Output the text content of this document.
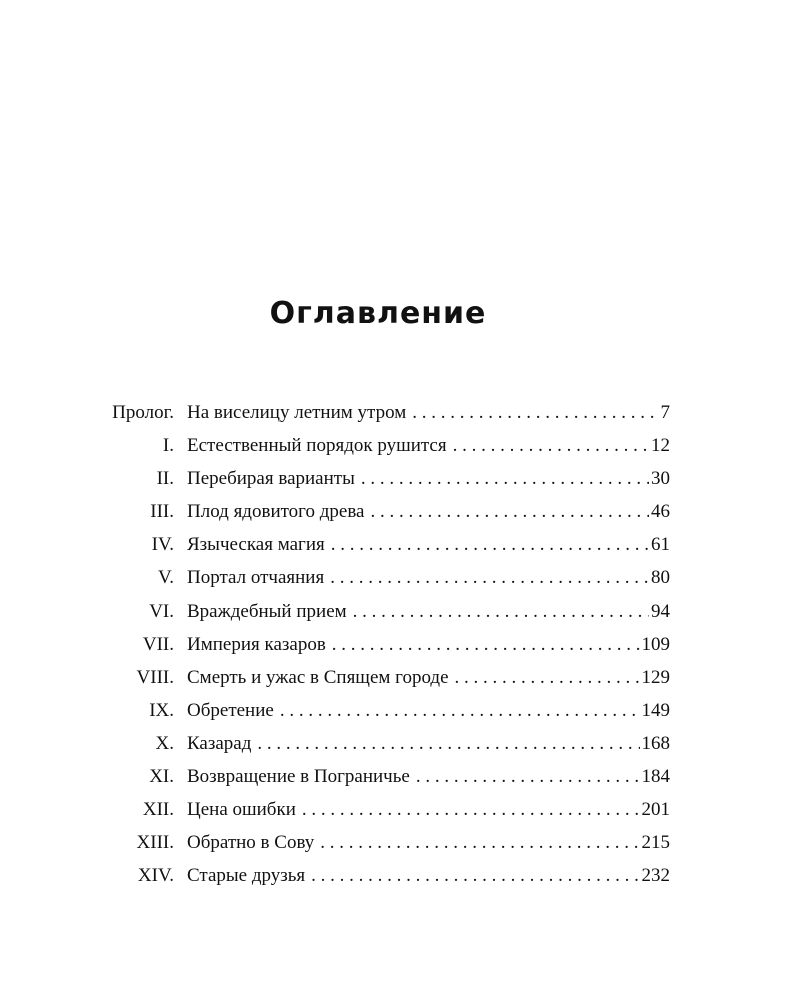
Оглавление
Пролог. На виселицу летним утром . . .	7
I. Естественный порядок рушится . . .	12
II. Перебирая варианты . . .	30
III. Плод ядовитого древа . . .	46
IV. Языческая магия . . .	61
V. Портал отчаяния . . .	80
VI. Враждебный прием . . .	94
VII. Империя казаров . . .	109
VIII. Смерть и ужас в Спящем городе . . .	129
IX. Обретение . . .	149
X. Казарад . . .	168
XI. Возвращение в Пограничье . . .	184
XII. Цена ошибки . . .	201
XIII. Обратно в Сову . . .	215
XIV. Старые друзья . . .	232
